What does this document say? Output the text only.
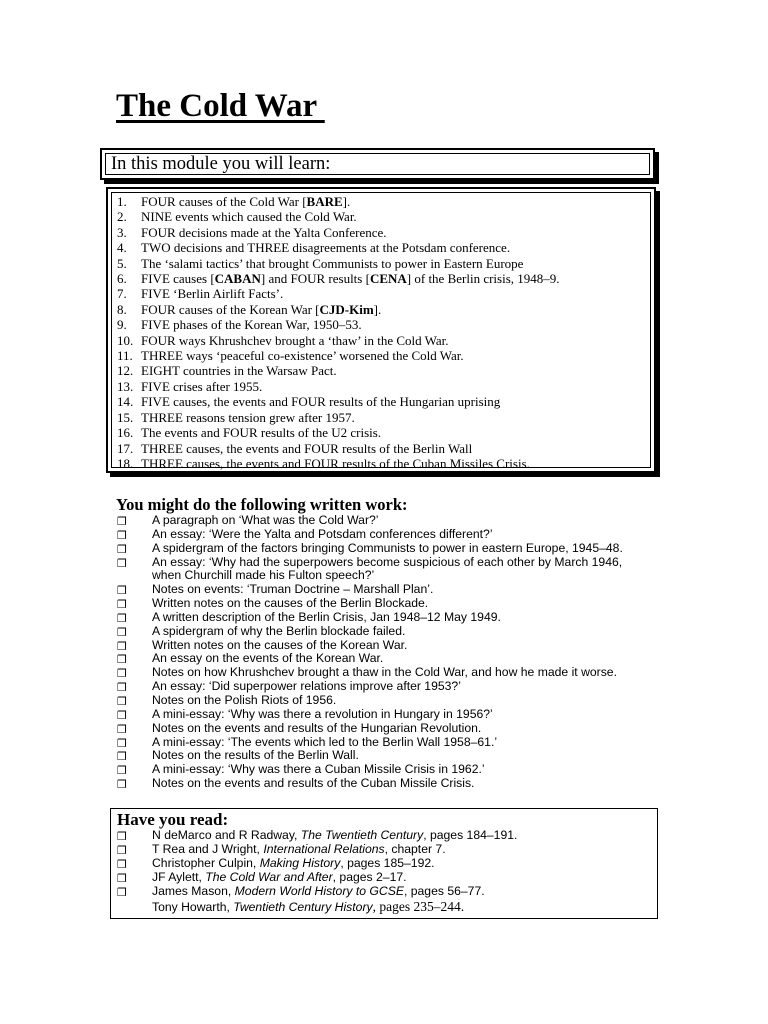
The Cold War
In this module you will learn:
1. FOUR causes of the Cold War [BARE].
2. NINE events which caused the Cold War.
3. FOUR decisions made at the Yalta Conference.
4. TWO decisions and THREE disagreements at the Potsdam conference.
5. The ‘salami tactics’ that brought Communists to power in Eastern Europe
6. FIVE causes [CABAN] and FOUR results [CENA] of the Berlin crisis, 1948–9.
7. FIVE ‘Berlin Airlift Facts’.
8. FOUR causes of the Korean War [CJD-Kim].
9. FIVE phases of the Korean War, 1950–53.
10. FOUR ways Khrushchev brought a ‘thaw’ in the Cold War.
11. THREE ways ‘peaceful co-existence’ worsened the Cold War.
12. EIGHT countries in the Warsaw Pact.
13. FIVE crises after 1955.
14. FIVE causes, the events and FOUR results of the Hungarian uprising
15. THREE reasons tension grew after 1957.
16. The events and FOUR results of the U2 crisis.
17. THREE causes, the events and FOUR results of the Berlin Wall
18. THREE causes, the events and FOUR results of the Cuban Missiles Crisis.
You might do the following written work:
❒ A paragraph on ‘What was the Cold War?’
❒ An essay: ‘Were the Yalta and Potsdam conferences different?’
❒ A spidergram of the factors bringing Communists to power in eastern Europe, 1945–48.
❒ An essay: ‘Why had the superpowers become suspicious of each other by March 1946,
when Churchill made his Fulton speech?’
❒ Notes on events: ‘Truman Doctrine – Marshall Plan’.
❒ Written notes on the causes of the Berlin Blockade.
❒ A written description of the Berlin Crisis, Jan 1948–12 May 1949.
❒ A spidergram of why the Berlin blockade failed.
❒ Written notes on the causes of the Korean War.
❒ An essay on the events of the Korean War.
❒ Notes on how Khrushchev brought a thaw in the Cold War, and how he made it worse.
❒ An essay: ‘Did superpower relations improve after 1953?’
❒ Notes on the Polish Riots of 1956.
❒ A mini-essay: ‘Why was there a revolution in Hungary in 1956?’
❒ Notes on the events and results of the Hungarian Revolution.
❒ A mini-essay: ‘The events which led to the Berlin Wall 1958–61.’
❒ Notes on the results of the Berlin Wall.
❒ A mini-essay: ‘Why was there a Cuban Missile Crisis in 1962.’
❒ Notes on the events and results of the Cuban Missile Crisis.
Have you read:
❒ N deMarco and R Radway, The Twentieth Century, pages 184–191.
❒ T Rea and J Wright, International Relations, chapter 7.
❒ Christopher Culpin, Making History, pages 185–192.
❒ JF Aylett, The Cold War and After, pages 2–17.
❒ James Mason, Modern World History to GCSE, pages 56–77.
Tony Howarth, Twentieth Century History, pages 235–244.
